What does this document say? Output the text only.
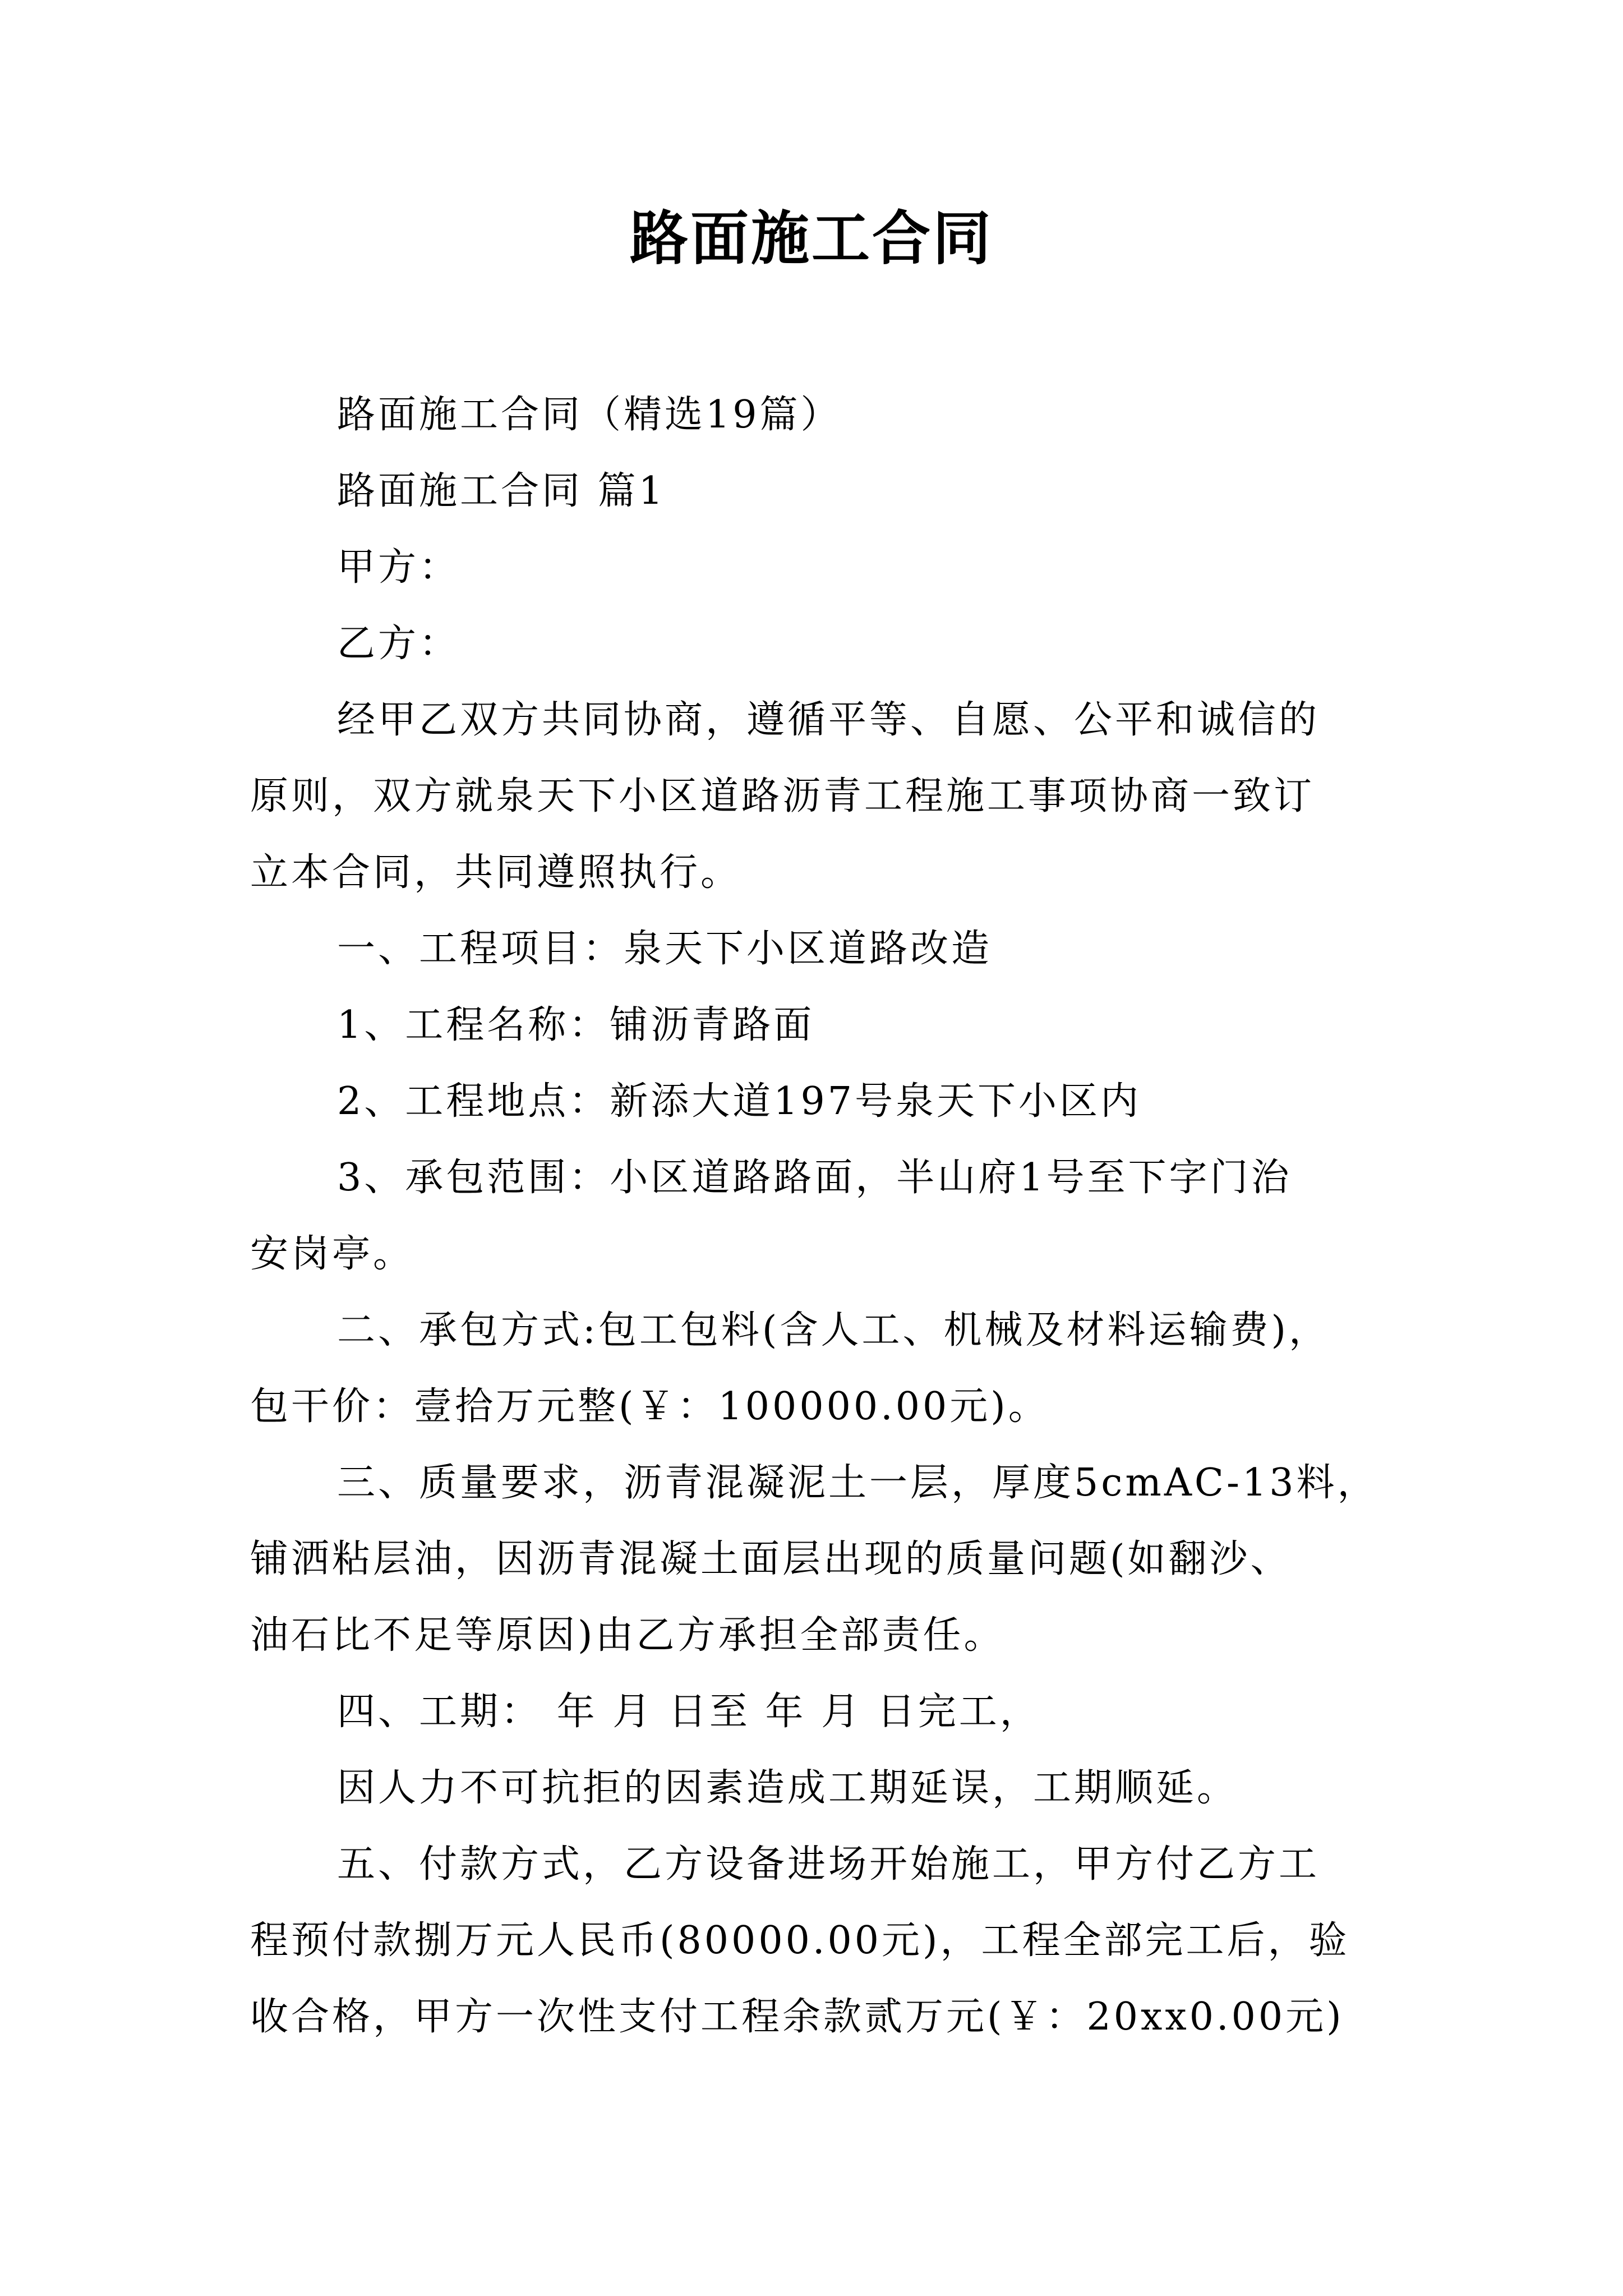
路面施工合同
路面施工合同（精选19篇）
路面施工合同 篇1
甲方：
乙方：
经甲乙双方共同协商，遵循平等、自愿、公平和诚信的
原则，双方就泉天下小区道路沥青工程施工事项协商一致订
立本合同，共同遵照执行。
一、工程项目：泉天下小区道路改造
1、工程名称：铺沥青路面
2、工程地点：新添大道197号泉天下小区内
3、承包范围：小区道路路面，半山府1号至下字门治
安岗亭。
二、承包方式:包工包料(含人工、机械及材料运输费)，
包干价：壹拾万元整(￥：100000.00元)。
三、质量要求，沥青混凝泥土一层，厚度5cmAC-13料，
铺洒粘层油，因沥青混凝土面层出现的质量问题(如翻沙、
油石比不足等原因)由乙方承担全部责任。
四、工期： 年 月 日至 年 月 日完工，
因人力不可抗拒的因素造成工期延误，工期顺延。
五、付款方式，乙方设备进场开始施工，甲方付乙方工
程预付款捌万元人民币(80000.00元)，工程全部完工后，验
收合格，甲方一次性支付工程余款贰万元(￥：20xx0.00元)
